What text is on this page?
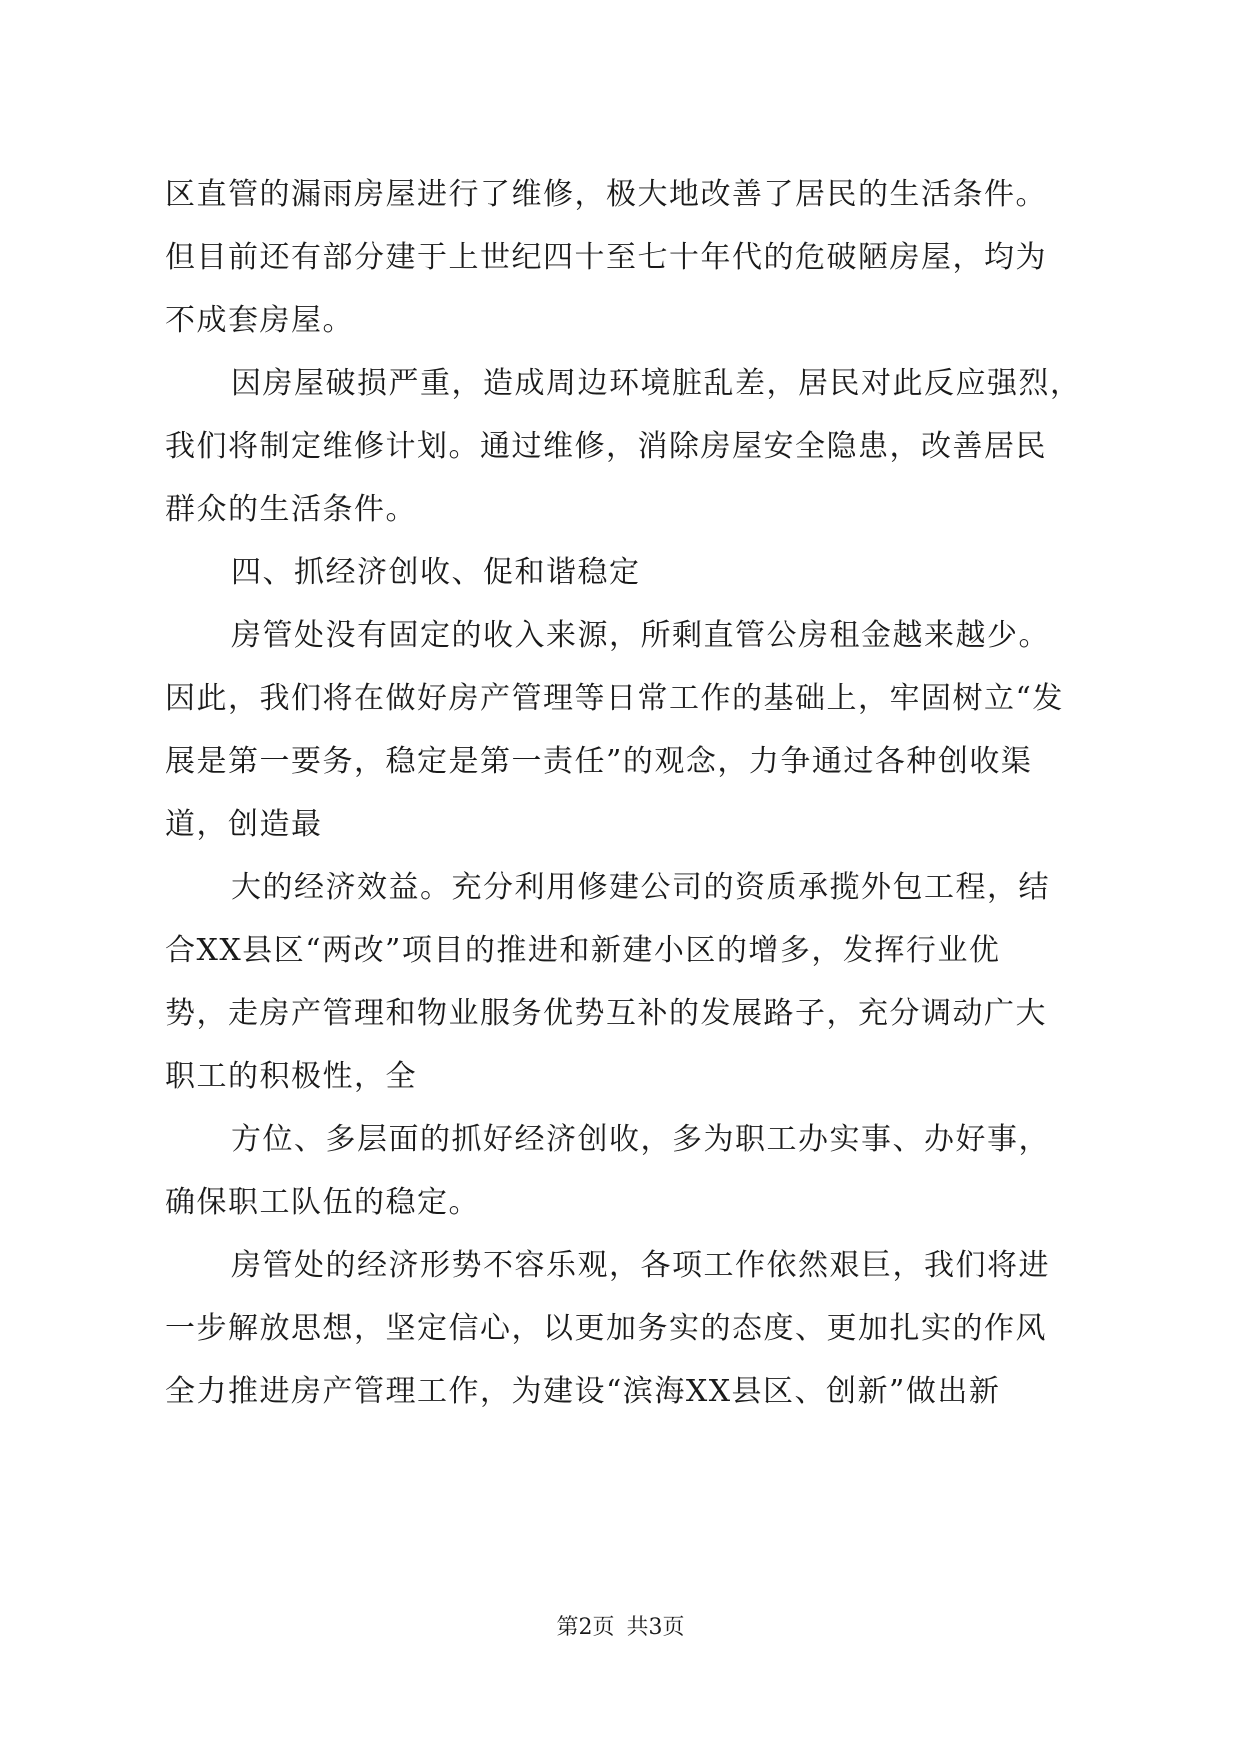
区直管的漏雨房屋进行了维修，极大地改善了居民的生活条件。
但目前还有部分建于上世纪四十至七十年代的危破陋房屋，均为
不成套房屋。
因房屋破损严重，造成周边环境脏乱差，居民对此反应强烈，
我们将制定维修计划。通过维修，消除房屋安全隐患，改善居民
群众的生活条件。
四、抓经济创收、促和谐稳定
房管处没有固定的收入来源，所剩直管公房租金越来越少。
因此，我们将在做好房产管理等日常工作的基础上，牢固树立“发
展是第一要务，稳定是第一责任”的观念，力争通过各种创收渠
道，创造最
大的经济效益。充分利用修建公司的资质承揽外包工程，结
合XX县区“两改”项目的推进和新建小区的增多，发挥行业优
势，走房产管理和物业服务优势互补的发展路子，充分调动广大
职工的积极性，全
方位、多层面的抓好经济创收，多为职工办实事、办好事，
确保职工队伍的稳定。
房管处的经济形势不容乐观，各项工作依然艰巨，我们将进
一步解放思想，坚定信心，以更加务实的态度、更加扎实的作风
全力推进房产管理工作，为建设“滨海XX县区、创新”做出新
第2页 共3页
